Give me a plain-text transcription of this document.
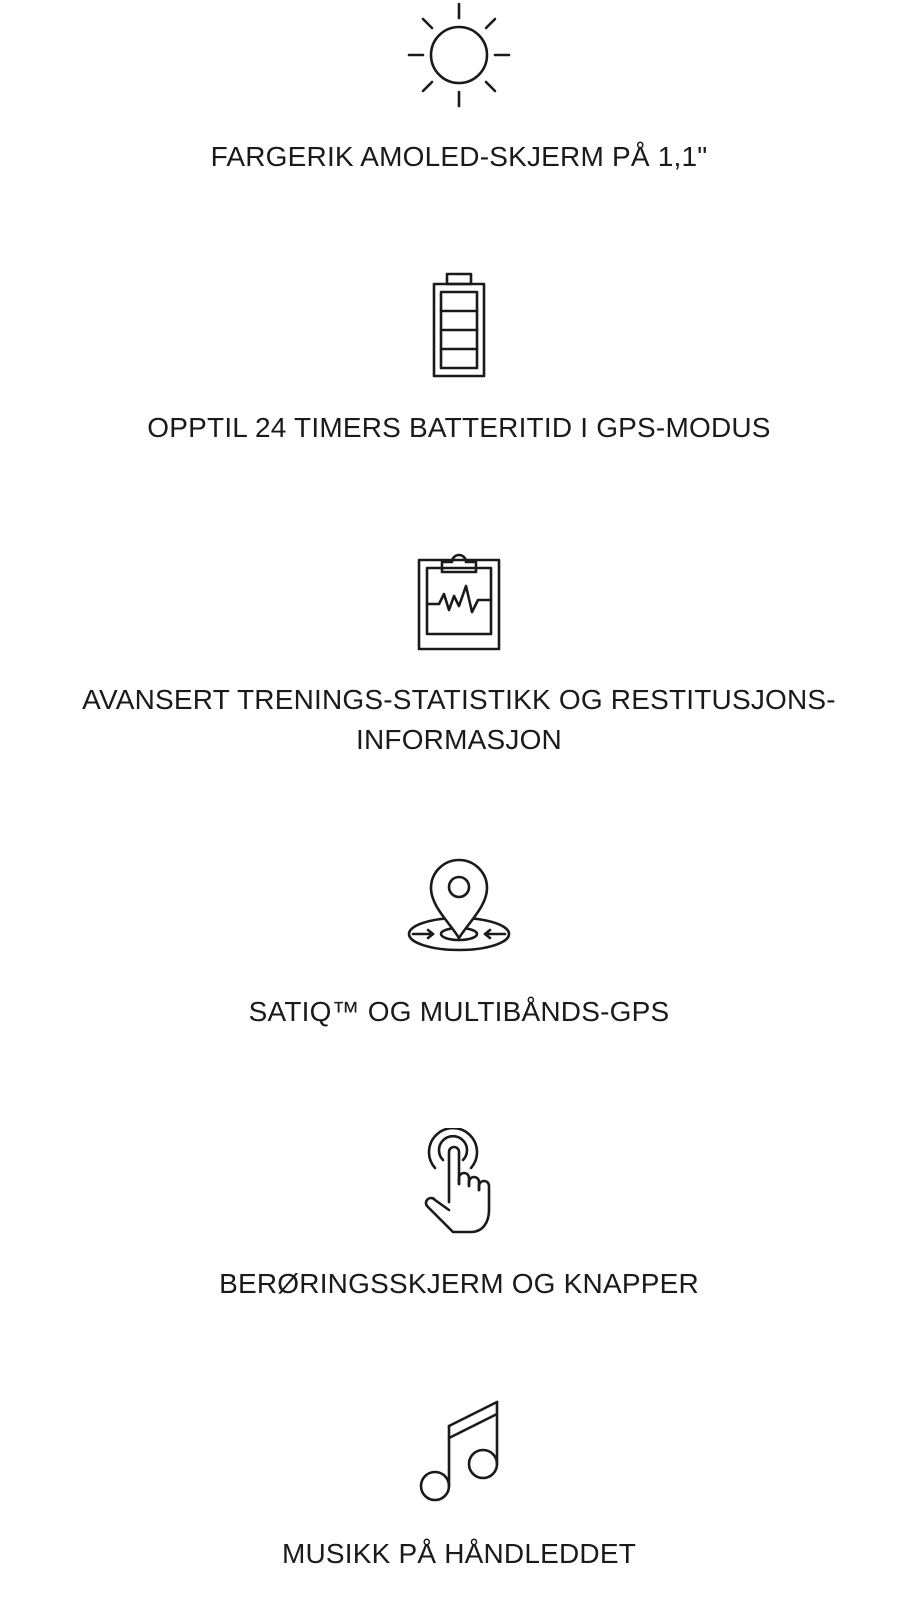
FARGERIK AMOLED-SKJERM PÅ 1,1"
OPPTIL 24 TIMERS BATTERITID I GPS-MODUS
AVANSERT TRENINGS-STATISTIKK OG RESTITUSJONS-INFORMASJON
SATIQ™ OG MULTIBÅNDS-GPS
BERØRINGSSKJERM OG KNAPPER
MUSIKK PÅ HÅNDLEDDET
